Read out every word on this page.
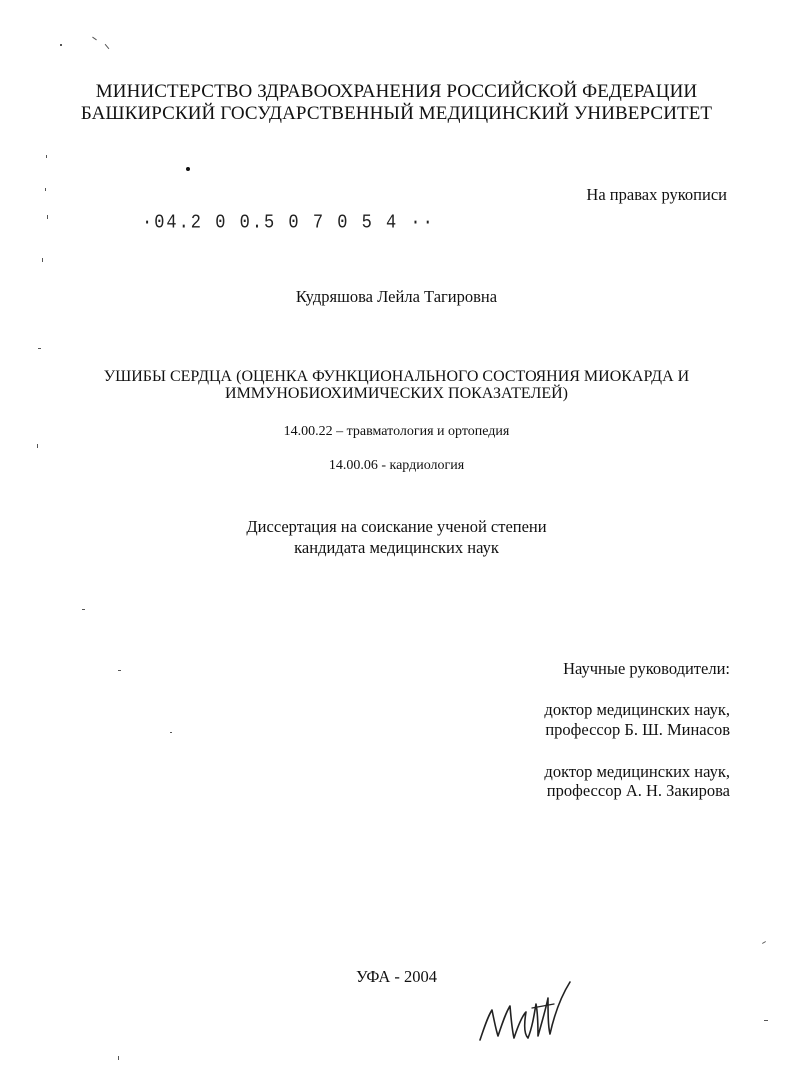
МИНИСТЕРСТВО ЗДРАВООХРАНЕНИЯ РОССИЙСКОЙ ФЕДЕРАЦИИ
БАШКИРСКИЙ ГОСУДАРСТВЕННЫЙ МЕДИЦИНСКИЙ УНИВЕРСИТЕТ
На правах рукописи
·04.2 0 0.5 0 7 0 5 4 ··
Кудряшова Лейла Тагировна
УШИБЫ СЕРДЦА (ОЦЕНКА ФУНКЦИОНАЛЬНОГО СОСТОЯНИЯ МИОКАРДА И
ИММУНОБИОХИМИЧЕСКИХ ПОКАЗАТЕЛЕЙ)
14.00.22 – травматология и ортопедия
14.00.06 - кардиология
Диссертация на соискание ученой степени
кандидата медицинских наук
Научные руководители:
доктор медицинских наук,
профессор Б. Ш. Минасов
доктор медицинских наук,
профессор А. Н. Закирова
УФА - 2004
